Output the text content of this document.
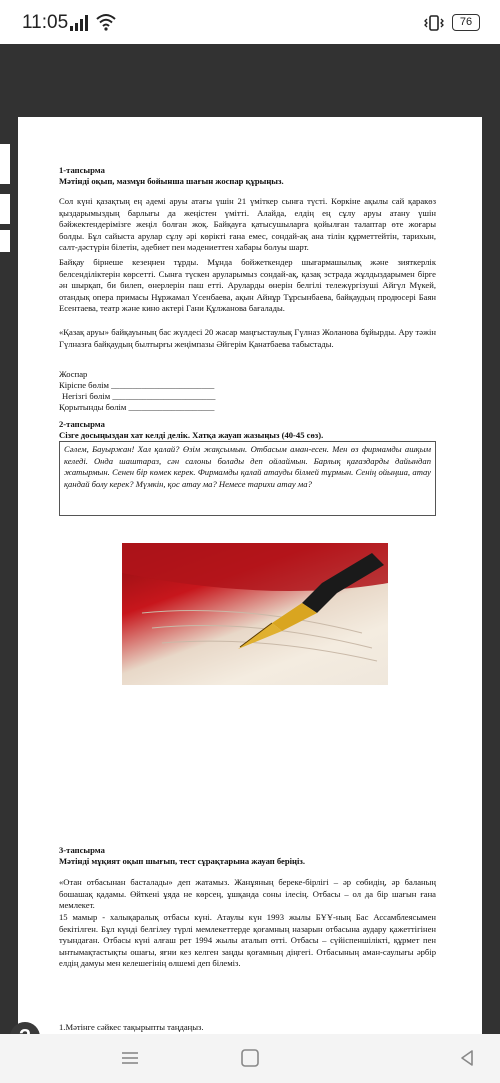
11:05	76
1-тапсырма
Мәтінді оқып, мазмұн бойынша шағын жоспар құрыңыз.
Сол күні қазақтың ең әдемі аруы атағы үшін 21 үміткер сынға түсті. Көркіне ақылы сай қаракөз қыздарымыздың барлығы да жеңістен үмітті. Алайда, елдің ең сұлу аруы атану үшін бәйжектендерімізге жеңіл болған жоқ. Байқауға қатысушыларға қойылған талаптар өте жоғары болды. Бұл сайыста арулар сұлу әрі көрікті ғана емес, сондай-ақ ана тілін құрметтейтін, тарихын, салт-дәстүрін білетін, әдебиет пен мәдениеттен хабары болуы шарт.
Байқау бірнеше кезеңнен тұрды. Мұнда бойжеткендер шығармашылық және зияткерлік белсенділіктерін көрсетті. Сынға түскен аруларымыз сондай-ақ, қазақ эстрада жұлдыздарымен бірге ән шырқап, би билеп, өнерлерін паш етті. Аруларды өнерін белгілі тележүргізуші Айгүл Мүкей, отандық опера примасы Нұржамал Үсенбаева, ақын Айнұр Тұрсынбаева, байқаудың продюсері Баян Есентаева, театр және кино актері Гани Құлжанова бағалады.
«Қазақ аруы» байқауының бас жүлдесі 20 жасар маңғыстаулық Гүлназ Жоланова бұйырды. Ару тәжін Гүлназға байқаудың былтырғы жеңімпазы Әйгерім Қанатбаева табыстады.
Жоспар
Кіріспе бөлім ________________________
Негізгі бөлім ________________________
Қорытынды бөлім ____________________
2-тапсырма
Сізге досыңыздан хат келді делік. Хатқа жауап жазыңыз (40-45 сөз).
Сәлем, Бауыржан! Хал қалай? Өзім жақсымын. Отбасым аман-есен. Мен өз фирмамды ашқым келеді. Онда шаштараз, сән салоны болады деп ойлаймын. Барлық қағаздарды дайындап жатырмын. Сенен бір көмек керек. Фирмамды қалай атауды білмей тұрмын. Сенің ойыңша, атау қандай болу керек? Мүмкін, қос атау ма? Немесе тарихи атау ма?
3-тапсырма
Мәтінді мұқият оқып шығып, тест сұрақтарына жауап беріңіз.
«Отан отбасынан басталады» деп жатамыз. Жанұяның береке-бірлігі – әр сөбидің, әр баланың бошашақ қадамы. Өйткені ұяда не көрсең, ұшқанда соны ілесің. Отбасы – ол да бір шағын ғана мемлекет.
15 мамыр - халықаралық отбасы күні. Атаулы күн 1993 жылы БҰҰ-ның Бас Ассамблеясымен бекітілген. Бұл күнді белгілеу түрлі мемлекеттерде қоғамның назарын отбасына аудару қажеттігінен туындаған. Отбасы күні алғаш рет 1994 жылы аталып өтті. Отбасы – сүйіспеншілікті, құрмет пен ынтымақтастықты ошағы, яғни кез келген заңды қоғамның діңгегі. Отбасының аман-саулығы әрбір елдің дамуы мен келешегінің өлшемі деп білеміз.
1.Мәтінге сәйкес тақырыпты таңдаңыз.
